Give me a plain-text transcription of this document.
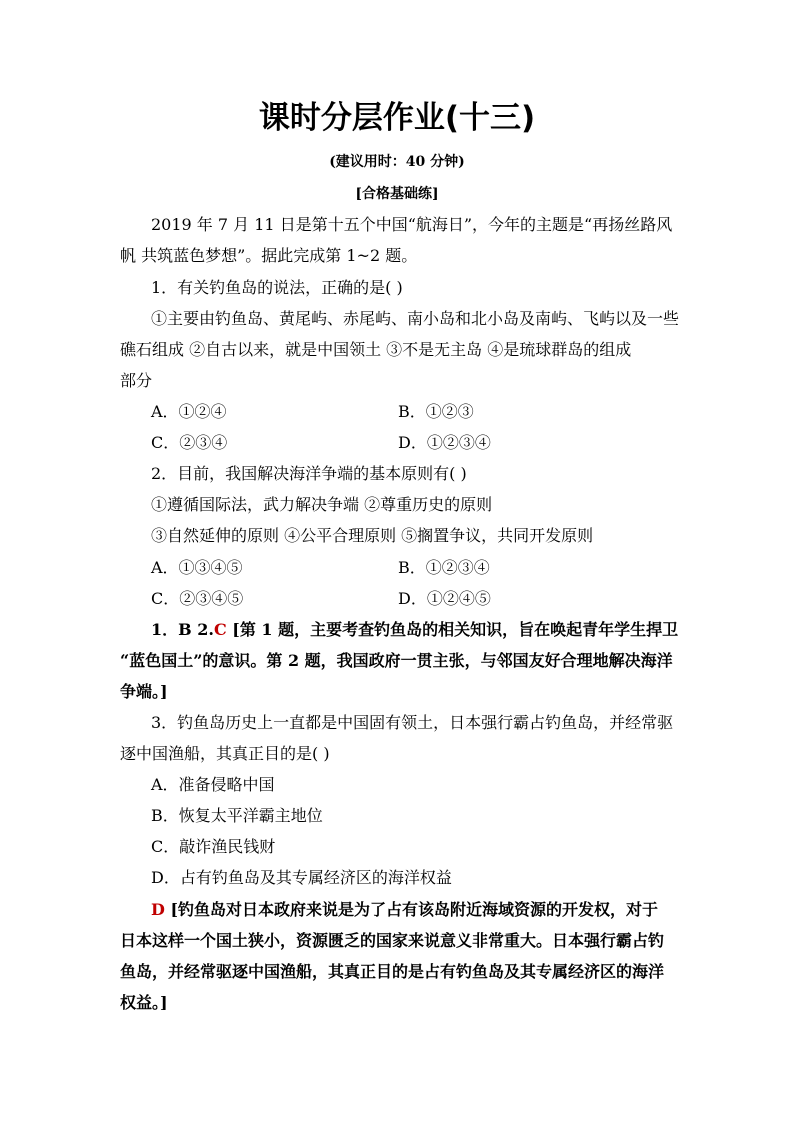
课时分层作业(十三)
(建议用时：40 分钟)
[合格基础练]
2019 年 7 月 11 日是第十五个中国“航海日”，今年的主题是“再扬丝路风
帆 共筑蓝色梦想”。据此完成第 1~2 题。
1．有关钓鱼岛的说法，正确的是( )
①主要由钓鱼岛、黄尾屿、赤尾屿、南小岛和北小岛及南屿、飞屿以及一些
礁石组成 ②自古以来，就是中国领土 ③不是无主岛 ④是琉球群岛的组成
部分
A．①②④	B．①②③
C．②③④	D．①②③④
2．目前，我国解决海洋争端的基本原则有( )
①遵循国际法，武力解决争端 ②尊重历史的原则
③自然延伸的原则 ④公平合理原则 ⑤搁置争议，共同开发原则
A．①③④⑤	B．①②③④
C．②③④⑤	D．①②④⑤
1．B 2.C [第 1 题，主要考查钓鱼岛的相关知识，旨在唤起青年学生捍卫
“蓝色国土”的意识。第 2 题，我国政府一贯主张，与邻国友好合理地解决海洋
争端。]
3．钓鱼岛历史上一直都是中国固有领土，日本强行霸占钓鱼岛，并经常驱
逐中国渔船，其真正目的是( )
A．准备侵略中国
B．恢复太平洋霸主地位
C．敲诈渔民钱财
D．占有钓鱼岛及其专属经济区的海洋权益
D [钓鱼岛对日本政府来说是为了占有该岛附近海域资源的开发权，对于
日本这样一个国土狭小，资源匮乏的国家来说意义非常重大。日本强行霸占钓
鱼岛，并经常驱逐中国渔船，其真正目的是占有钓鱼岛及其专属经济区的海洋
权益。]
